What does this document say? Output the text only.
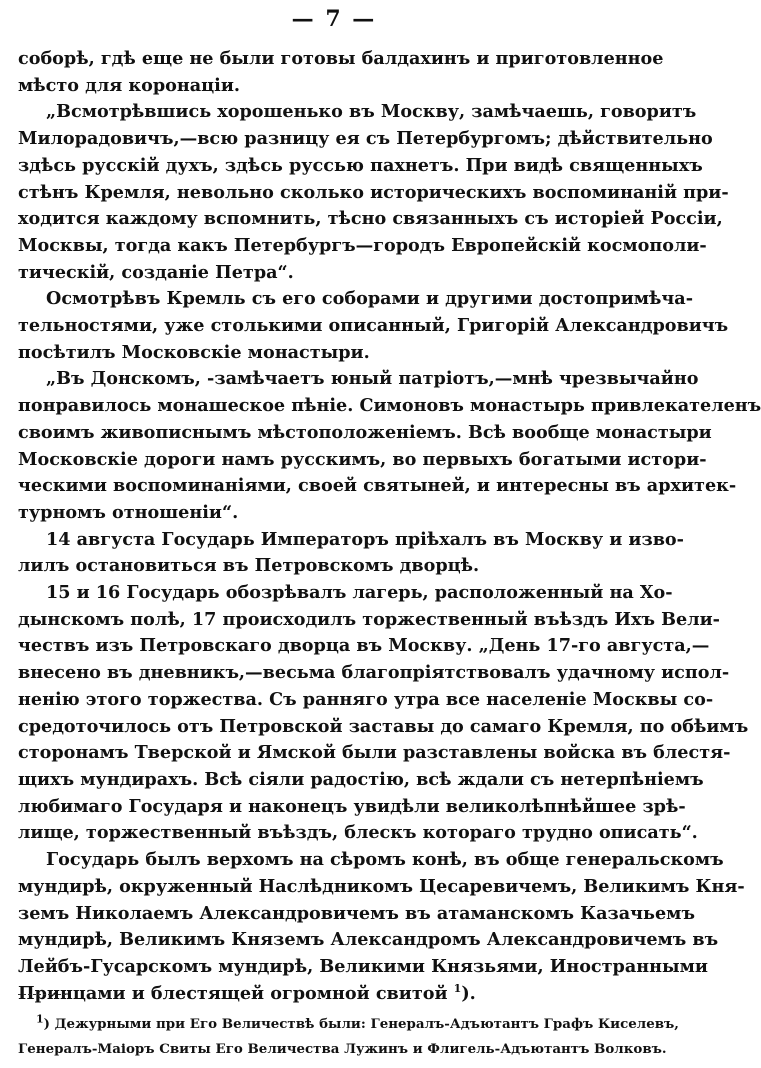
— 7 —

соборѣ, гдѣ еще не были готовы балдахинъ и приготовленное
мѣсто для коронаціи.

„Всмотрѣвшись хорошенько въ Москву, замѣчаешь, говоритъ
Милорадовичъ,—всю разницу ея съ Петербургомъ; дѣйствительно
здѣсь русскій духъ, здѣсь руссью пахнетъ. При видѣ священныхъ
стѣнъ Кремля, невольно сколько историческихъ воспоминаній при-
ходится каждому вспомнить, тѣсно связанныхъ съ исторіей Россіи,
Москвы, тогда какъ Петербургъ—городъ Европейскій космополи-
тическій, созданіе Петра“.

Осмотрѣвъ Кремль съ его соборами и другими достопримѣча-
тельностями, уже столькими описанный, Григорій Александровичъ
посѣтилъ Московскіе монастыри.

„Въ Донскомъ, -замѣчаетъ юный патріотъ,—мнѣ чрезвычайно
понравилось монашеское пѣніе. Симоновъ монастырь привлекателенъ
своимъ живописнымъ мѣстоположеніемъ. Всѣ вообще монастыри
Московскіе дороги намъ русскимъ, во первыхъ богатыми истори-
ческими воспоминаніями, своей святыней, и интересны въ архитек-
турномъ отношеніи“.

14 августа Государь Императоръ пріѣхалъ въ Москву и изво-
лилъ остановиться въ Петровскомъ дворцѣ.

15 и 16 Государь обозрѣвалъ лагерь, расположенный на Хо-
дынскомъ полѣ, 17 происходилъ торжественный въѣздъ Ихъ Вели-
чествъ изъ Петровскаго дворца въ Москву. „День 17-го августа,—
внесено въ дневникъ,—весьма благопріятствовалъ удачному испол-
ненію этого торжества. Съ ранняго утра все населеніе Москвы со-
средоточилось отъ Петровской заставы до самаго Кремля, по обѣимъ
сторонамъ Тверской и Ямской были разставлены войска въ блестя-
щихъ мундирахъ. Всѣ сіяли радостію, всѣ ждали съ нетерпѣніемъ
любимаго Государя и наконецъ увидѣли великолѣпнѣйшее зрѣ-
лище, торжественный въѣздъ, блескъ котораго трудно описать“.

Государь былъ верхомъ на сѣромъ конѣ, въ обще генеральскомъ
мундирѣ, окруженный Наслѣдникомъ Цесаревичемъ, Великимъ Кня-
земъ Николаемъ Александровичемъ въ атаманскомъ Казачьемъ
мундирѣ, Великимъ Княземъ Александромъ Александровичемъ въ
Лейбъ-Гусарскомъ мундирѣ, Великими Князьями, Иностранными
Принцами и блестящей огромной свитой $^1$).

$^1$) Дежурными при Его Величествѣ были: Генералъ-Адъютантъ Графъ Киселевъ,
Генералъ-Маіоръ Свиты Его Величества Лужинъ и Флигель-Адъютантъ Волковъ.
